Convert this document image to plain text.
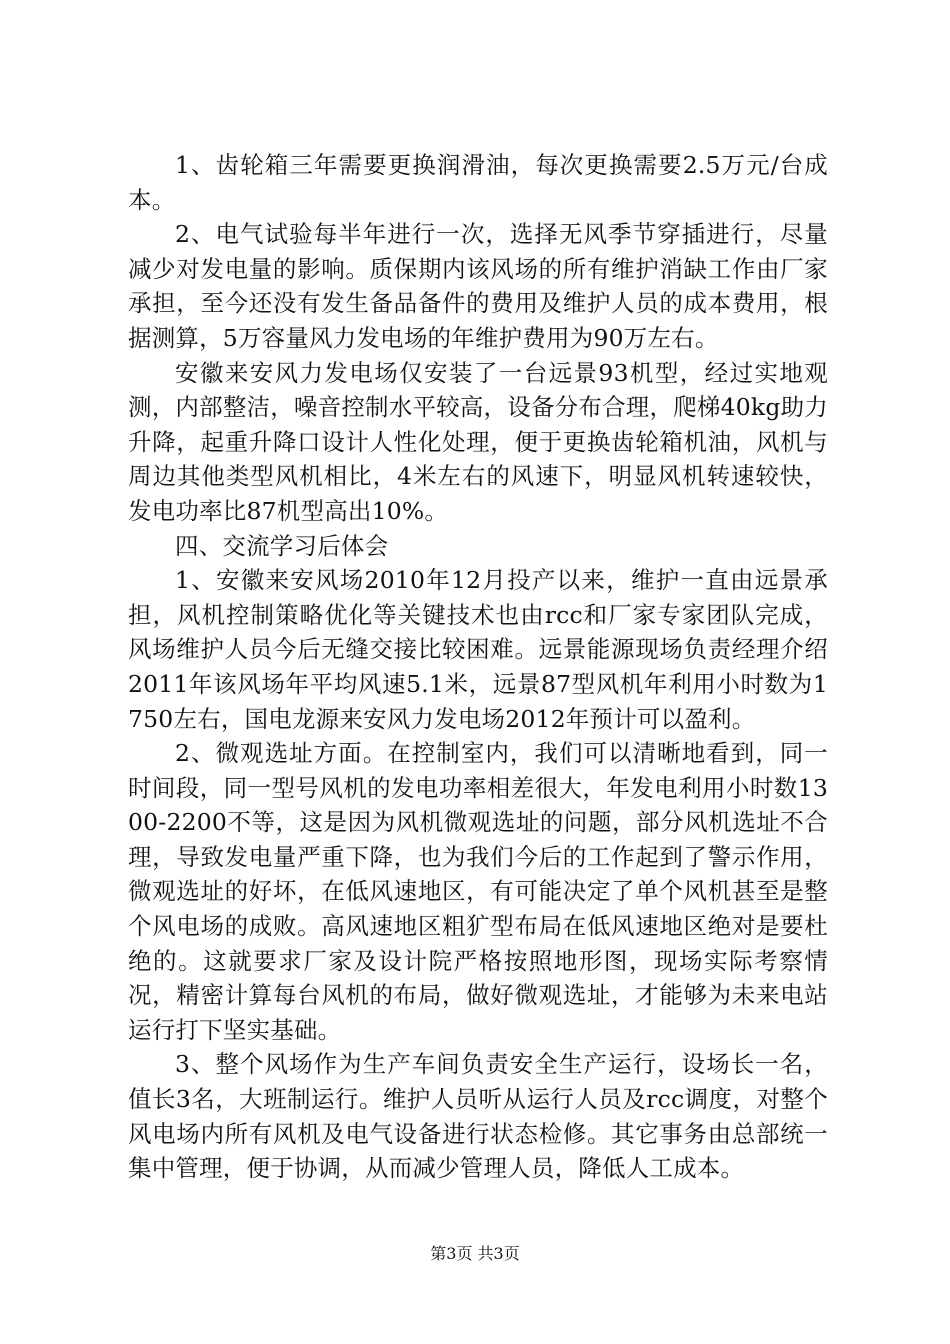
1、齿轮箱三年需要更换润滑油，每次更换需要2.5万元/台成本。

2、电气试验每半年进行一次，选择无风季节穿插进行，尽量减少对发电量的影响。质保期内该风场的所有维护消缺工作由厂家承担，至今还没有发生备品备件的费用及维护人员的成本费用，根据测算，5万容量风力发电场的年维护费用为90万左右。

安徽来安风力发电场仅安装了一台远景93机型，经过实地观测，内部整洁，噪音控制水平较高，设备分布合理，爬梯40kg助力升降，起重升降口设计人性化处理，便于更换齿轮箱机油，风机与周边其他类型风机相比，4米左右的风速下，明显风机转速较快，发电功率比87机型高出10%。

四、交流学习后体会

1、安徽来安风场2010年12月投产以来，维护一直由远景承担，风机控制策略优化等关键技术也由rcc和厂家专家团队完成，风场维护人员今后无缝交接比较困难。远景能源现场负责经理介绍2011年该风场年平均风速5.1米，远景87型风机年利用小时数为1750左右，国电龙源来安风力发电场2012年预计可以盈利。

2、微观选址方面。在控制室内，我们可以清晰地看到，同一时间段，同一型号风机的发电功率相差很大，年发电利用小时数1300-2200不等，这是因为风机微观选址的问题，部分风机选址不合理，导致发电量严重下降，也为我们今后的工作起到了警示作用，微观选址的好坏，在低风速地区，有可能决定了单个风机甚至是整个风电场的成败。高风速地区粗犷型布局在低风速地区绝对是要杜绝的。这就要求厂家及设计院严格按照地形图，现场实际考察情况，精密计算每台风机的布局，做好微观选址，才能够为未来电站运行打下坚实基础。

3、整个风场作为生产车间负责安全生产运行，设场长一名，值长3名，大班制运行。维护人员听从运行人员及rcc调度，对整个风电场内所有风机及电气设备进行状态检修。其它事务由总部统一集中管理，便于协调，从而减少管理人员，降低人工成本。

第3页 共3页
